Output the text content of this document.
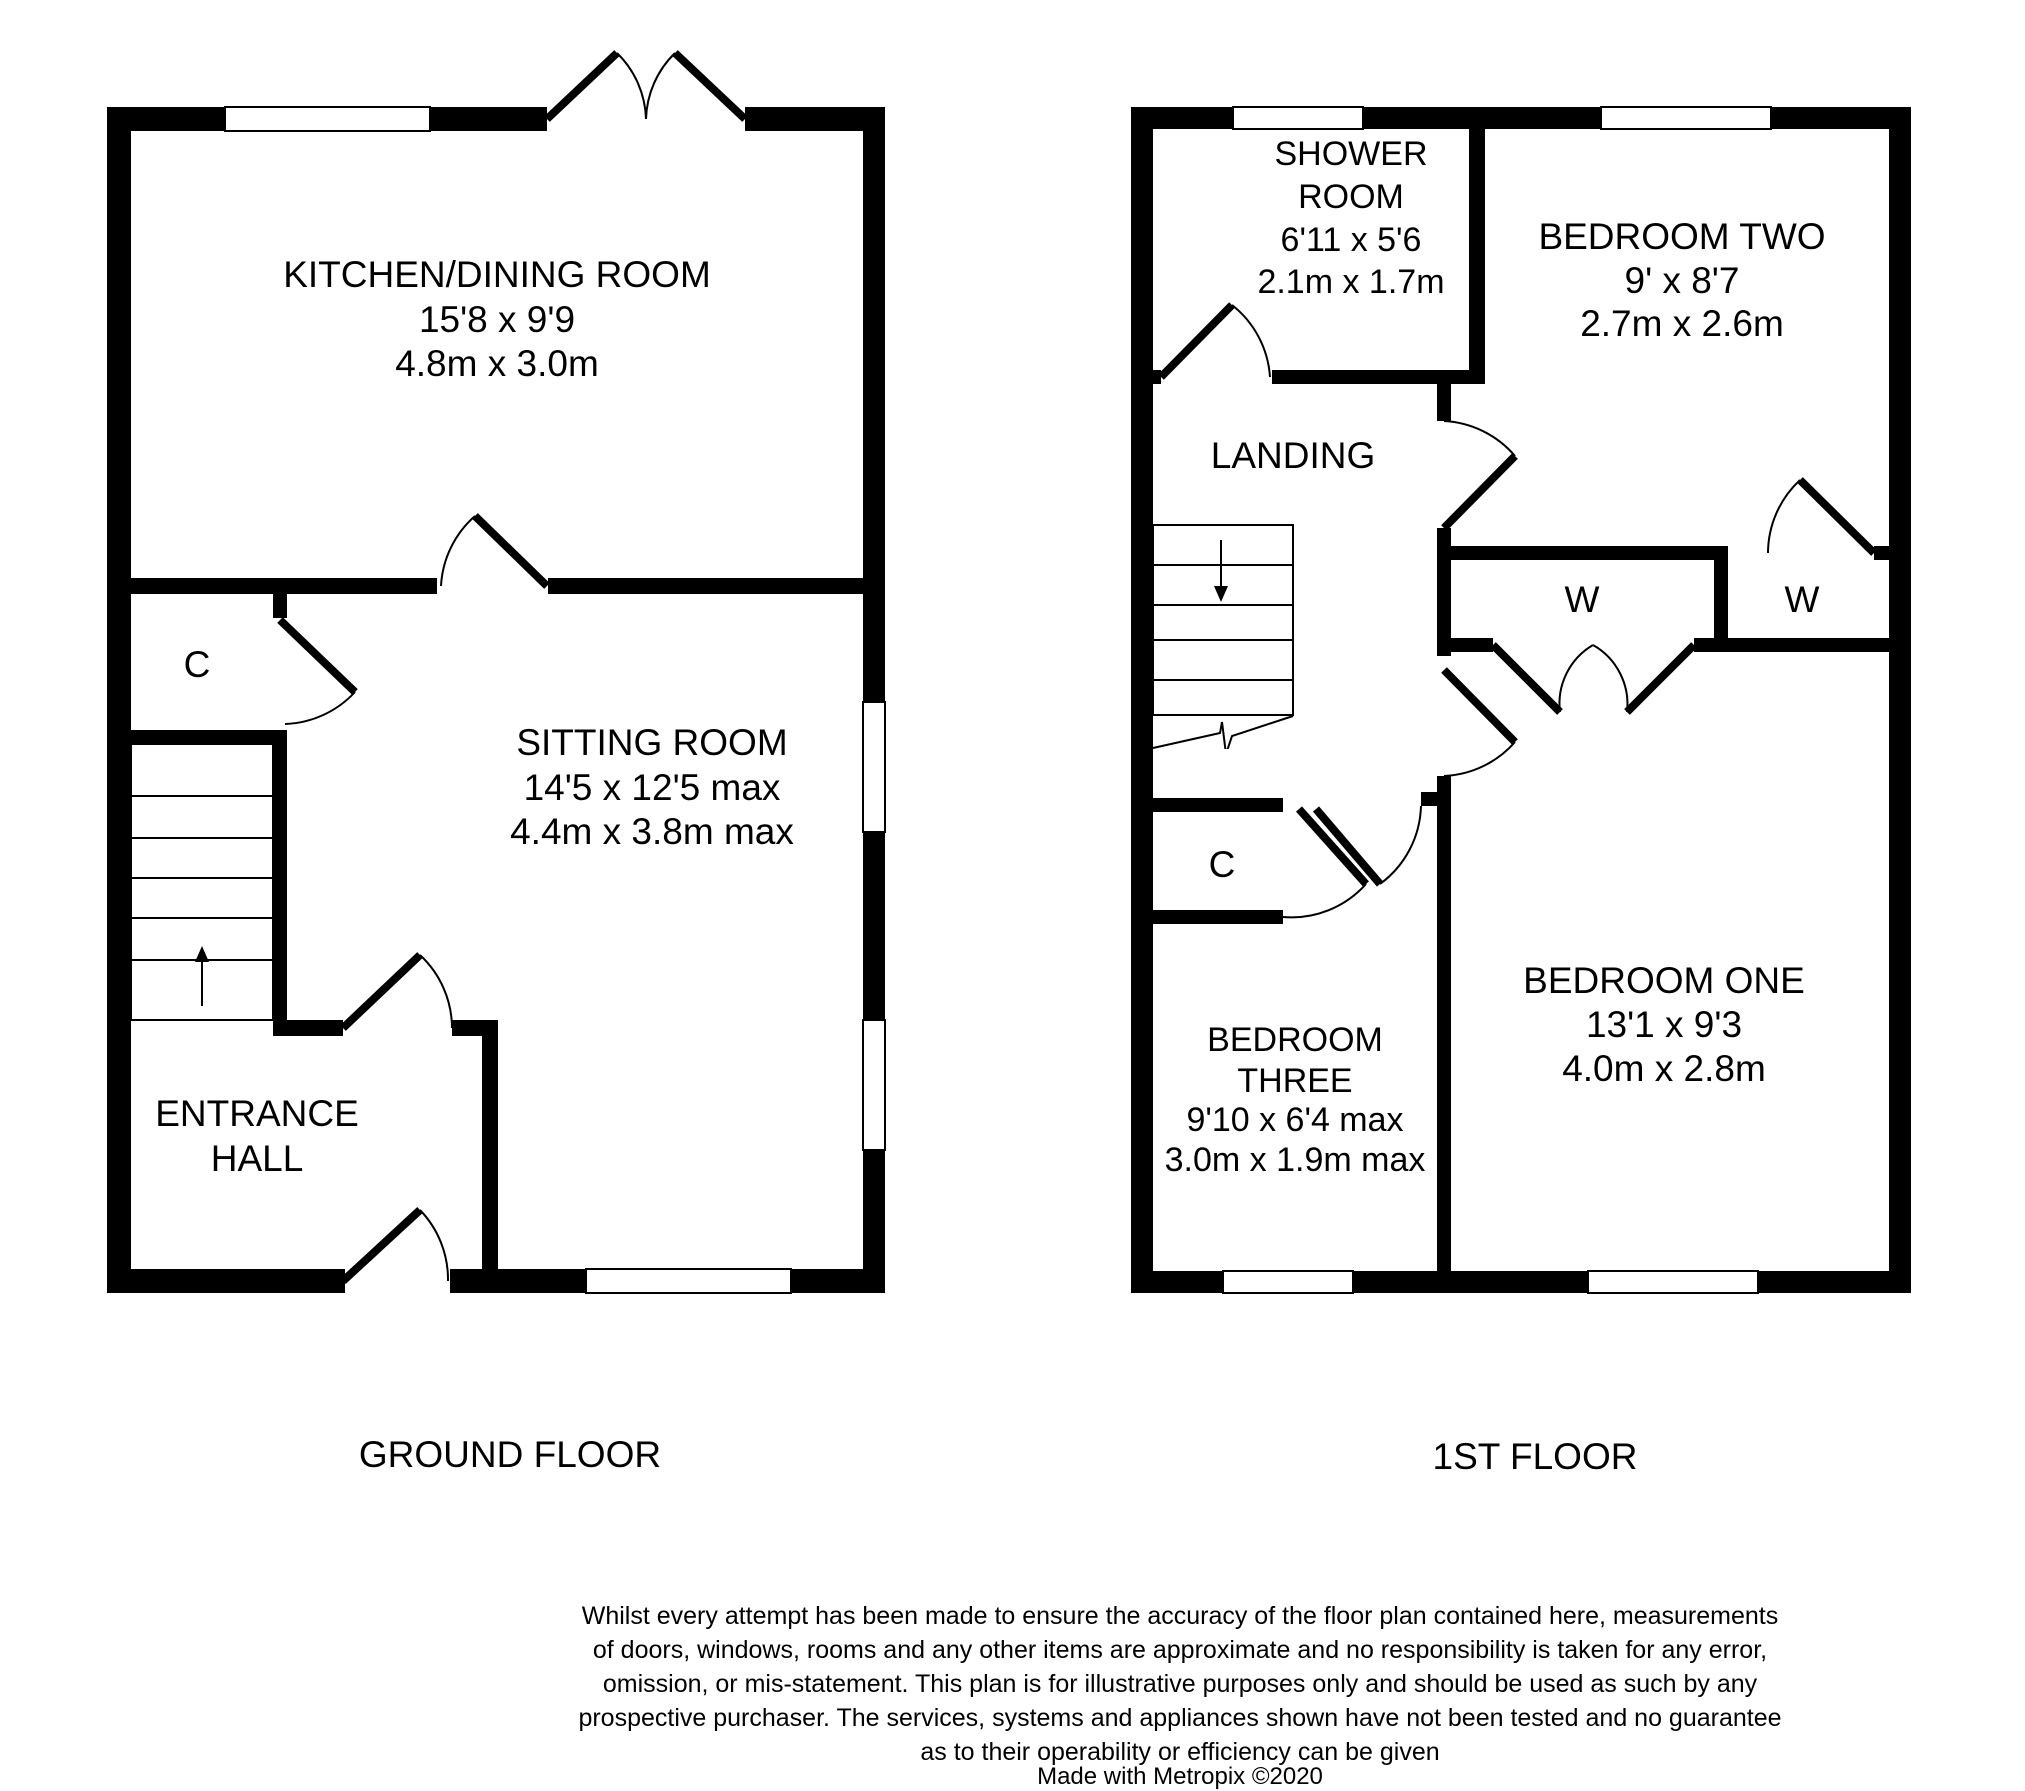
KITCHEN/DINING ROOM
15'8 x 9'9
4.8m x 3.0m
SITTING ROOM
14'5 x 12'5 max
4.4m x 3.8m max
ENTRANCE
HALL
C
GROUND FLOOR
SHOWER
ROOM
6'11 x 5'6
2.1m x 1.7m
BEDROOM TWO
9' x 8'7
2.7m x 2.6m
LANDING
W	W
C
BEDROOM ONE
13'1 x 9'3
4.0m x 2.8m
BEDROOM
THREE
9'10 x 6'4 max
3.0m x 1.9m max
1ST FLOOR
Whilst every attempt has been made to ensure the accuracy of the floor plan contained here, measurements
of doors, windows, rooms and any other items are approximate and no responsibility is taken for any error,
omission, or mis-statement. This plan is for illustrative purposes only and should be used as such by any
prospective purchaser. The services, systems and appliances shown have not been tested and no guarantee
as to their operability or efficiency can be given
Made with Metropix ©2020
